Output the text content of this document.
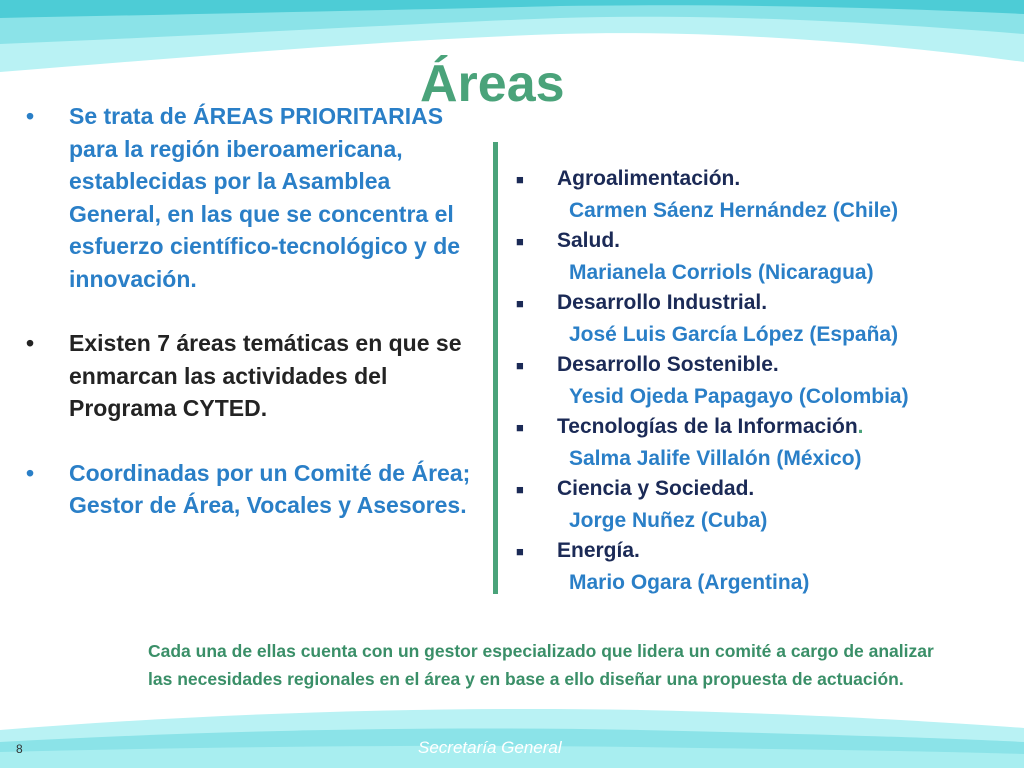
Áreas
•	Se trata de ÁREAS PRIORITARIAS para la región iberoamericana, establecidas por la Asamblea General, en las que se concentra el esfuerzo científico-tecnológico y de innovación.
•	Existen 7 áreas temáticas en que se enmarcan las actividades del Programa CYTED.
•	Coordinadas por un Comité de Área; Gestor de Área, Vocales y Asesores.
■	Agroalimentación.
Carmen Sáenz Hernández (Chile)
■	Salud.
Marianela Corriols (Nicaragua)
■	Desarrollo Industrial.
José Luis García López (España)
■	Desarrollo Sostenible.
Yesid Ojeda Papagayo (Colombia)
■	Tecnologías de la Información .
Salma Jalife Villalón (México)
■	Ciencia y Sociedad.
Jorge Nuñez (Cuba)
■	Energía.
Mario Ogara (Argentina)

Cada una de ellas cuenta con un gestor especializado que lidera un comité a cargo de analizar las necesidades regionales en el área y en base a ello diseñar una propuesta de actuación.

8	Secretaría General
